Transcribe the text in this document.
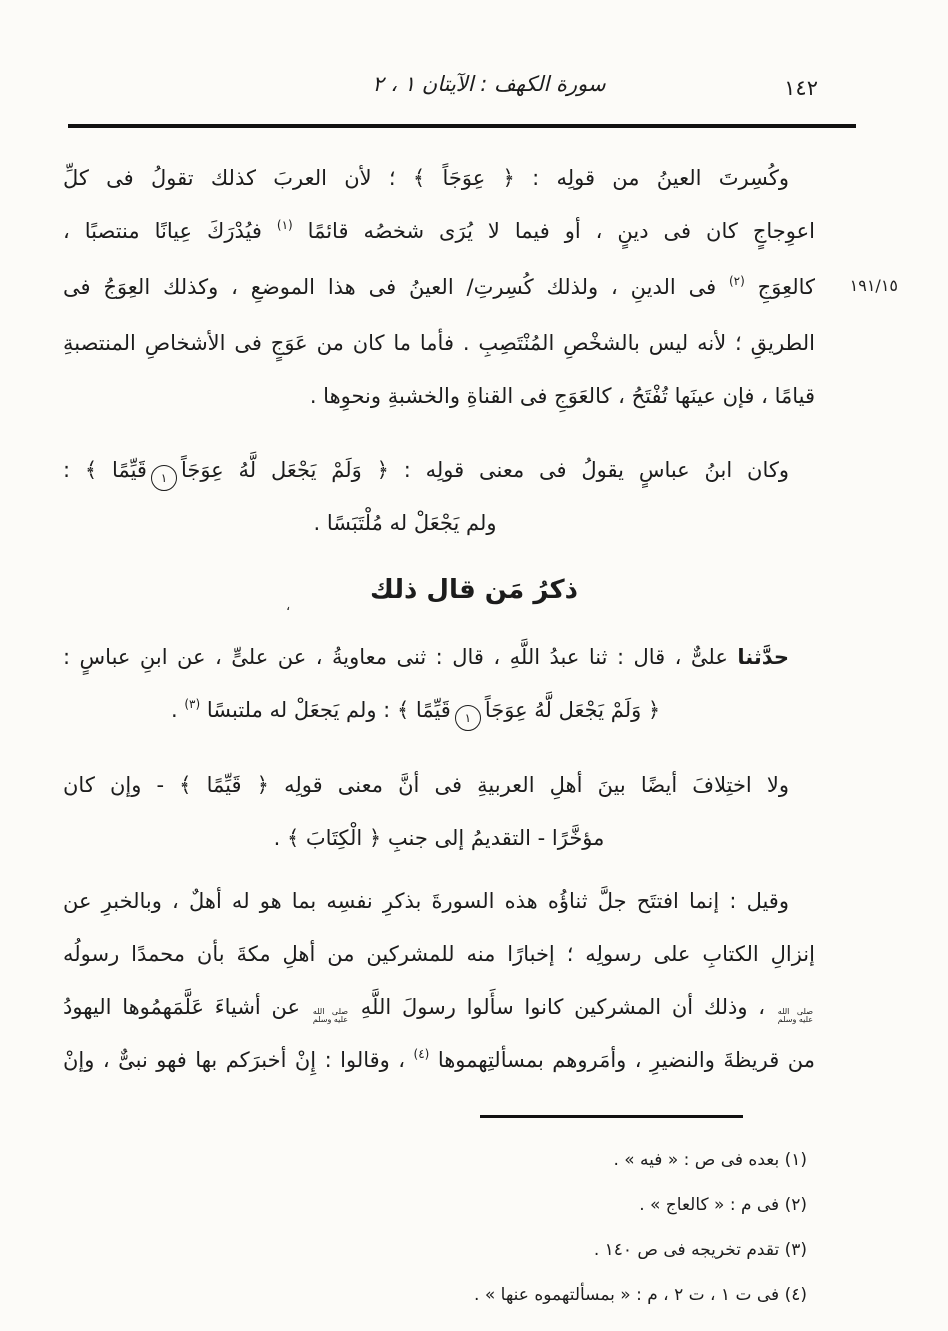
سورة الكهف : الآيتان ١ ، ٢	١٤٢
١٩١/١٥
وكُسِرتَ العينُ من قولِه : ﴿ عِوَجَاً ﴾ ؛ لأن العربَ كذلك تقولُ فى كلِّ
اعوِجاجٍ كان فى دينٍ ، أو فيما لا يُرَى شخصُه قائمًا $^{(١)}$ فيُدْرَكَ عِيانًا منتصبًا ،
كالعِوَجِ $^{(٢)}$ فى الدينِ ، ولذلك كُسِرتِ/ العينُ فى هذا الموضعِ ، وكذلك العِوَجُ فى
الطريقِ ؛ لأنه ليس بالشخْصِ المُنْتَصِبِ . فأما ما كان من عَوَجٍ فى الأشخاصِ المنتصبةِ
قيامًا ، فإن عينَها تُفْتَحُ ، كالعَوَجِ فى القناةِ والخشبةِ ونحوِها .
وكان ابنُ عباسٍ يقولُ فى معنى قولِه : ﴿ وَلَمْ يَجْعَل لَّهُ عِوَجَاً
١
قَيِّمًا ﴾ :
ولم يَجْعَلْ له مُلْتَبَسًا .
ذكرُ مَن قال ذلك
،
حدَّثنا علىٌّ ، قال : ثنا عبدُ اللَّهِ ، قال : ثنى معاويةُ ، عن علىٍّ ، عن ابنِ عباسٍ :
﴿ وَلَمْ يَجْعَل لَّهُ عِوَجَاً
١
قَيِّمًا ﴾ : ولم يَجعَلْ له ملتبسًا $^{(٣)}$ .
ولا اختِلافَ أيضًا بينَ أهلِ العربيةِ فى أنَّ معنى قولِه ﴿ قَيِّمًا ﴾ - وإن كان
مؤخَّرًا - التقديمُ إلى جنبِ ﴿ الْكِتَابَ ﴾ .
وقيل : إنما افتتَح جلَّ ثناؤُه هذه السورةَ بذكرِ نفسِه بما هو له أهلٌ ، وبالخبرِ عن
إنزالِ الكتابِ على رسولِه ؛ إخبارًا منه للمشركين من أهلِ مكةَ بأن محمدًا رسولُه
صلى الله
عليه وسلم
، وذلك أن المشركين كانوا سأَلوا رسولَ اللَّهِ
صلى الله
عليه وسلم
عن أشياءَ عَلَّمَهمُوها اليهودُ
من قريظةَ والنضيرِ ، وأمَروهم بمسألتِهموها $^{(٤)}$ ، وقالوا : إِنْ أخبرَكم بها فهو نبىٌّ ، وإنْ
(١) بعده فى ص : « فيه » .
(٢) فى م : « كالعاج » .
(٣) تقدم تخريجه فى ص ١٤٠ .
(٤) فى ت ١ ، ت ٢ ، م : « بمسألتهموه عنها » .
